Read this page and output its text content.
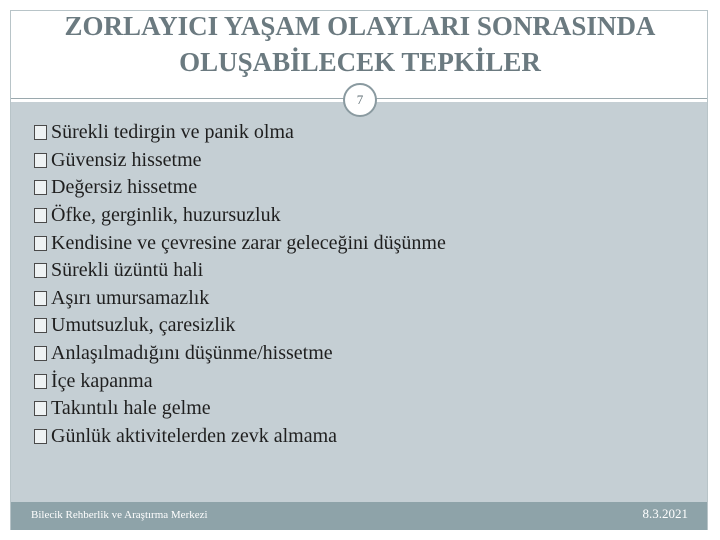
ZORLAYICI YAŞAM OLAYLARI SONRASINDA
OLUŞABİLECEK TEPKİLER
7
Sürekli tedirgin ve panik olma
Güvensiz hissetme
Değersiz hissetme
Öfke, gerginlik, huzursuzluk
Kendisine ve çevresine zarar geleceğini düşünme
Sürekli üzüntü hali
Aşırı umursamazlık
Umutsuzluk, çaresizlik
Anlaşılmadığını düşünme/hissetme
İçe kapanma
Takıntılı hale gelme
Günlük aktivitelerden zevk almama
Bilecik Rehberlik ve Araştırma Merkezi	8.3.2021
